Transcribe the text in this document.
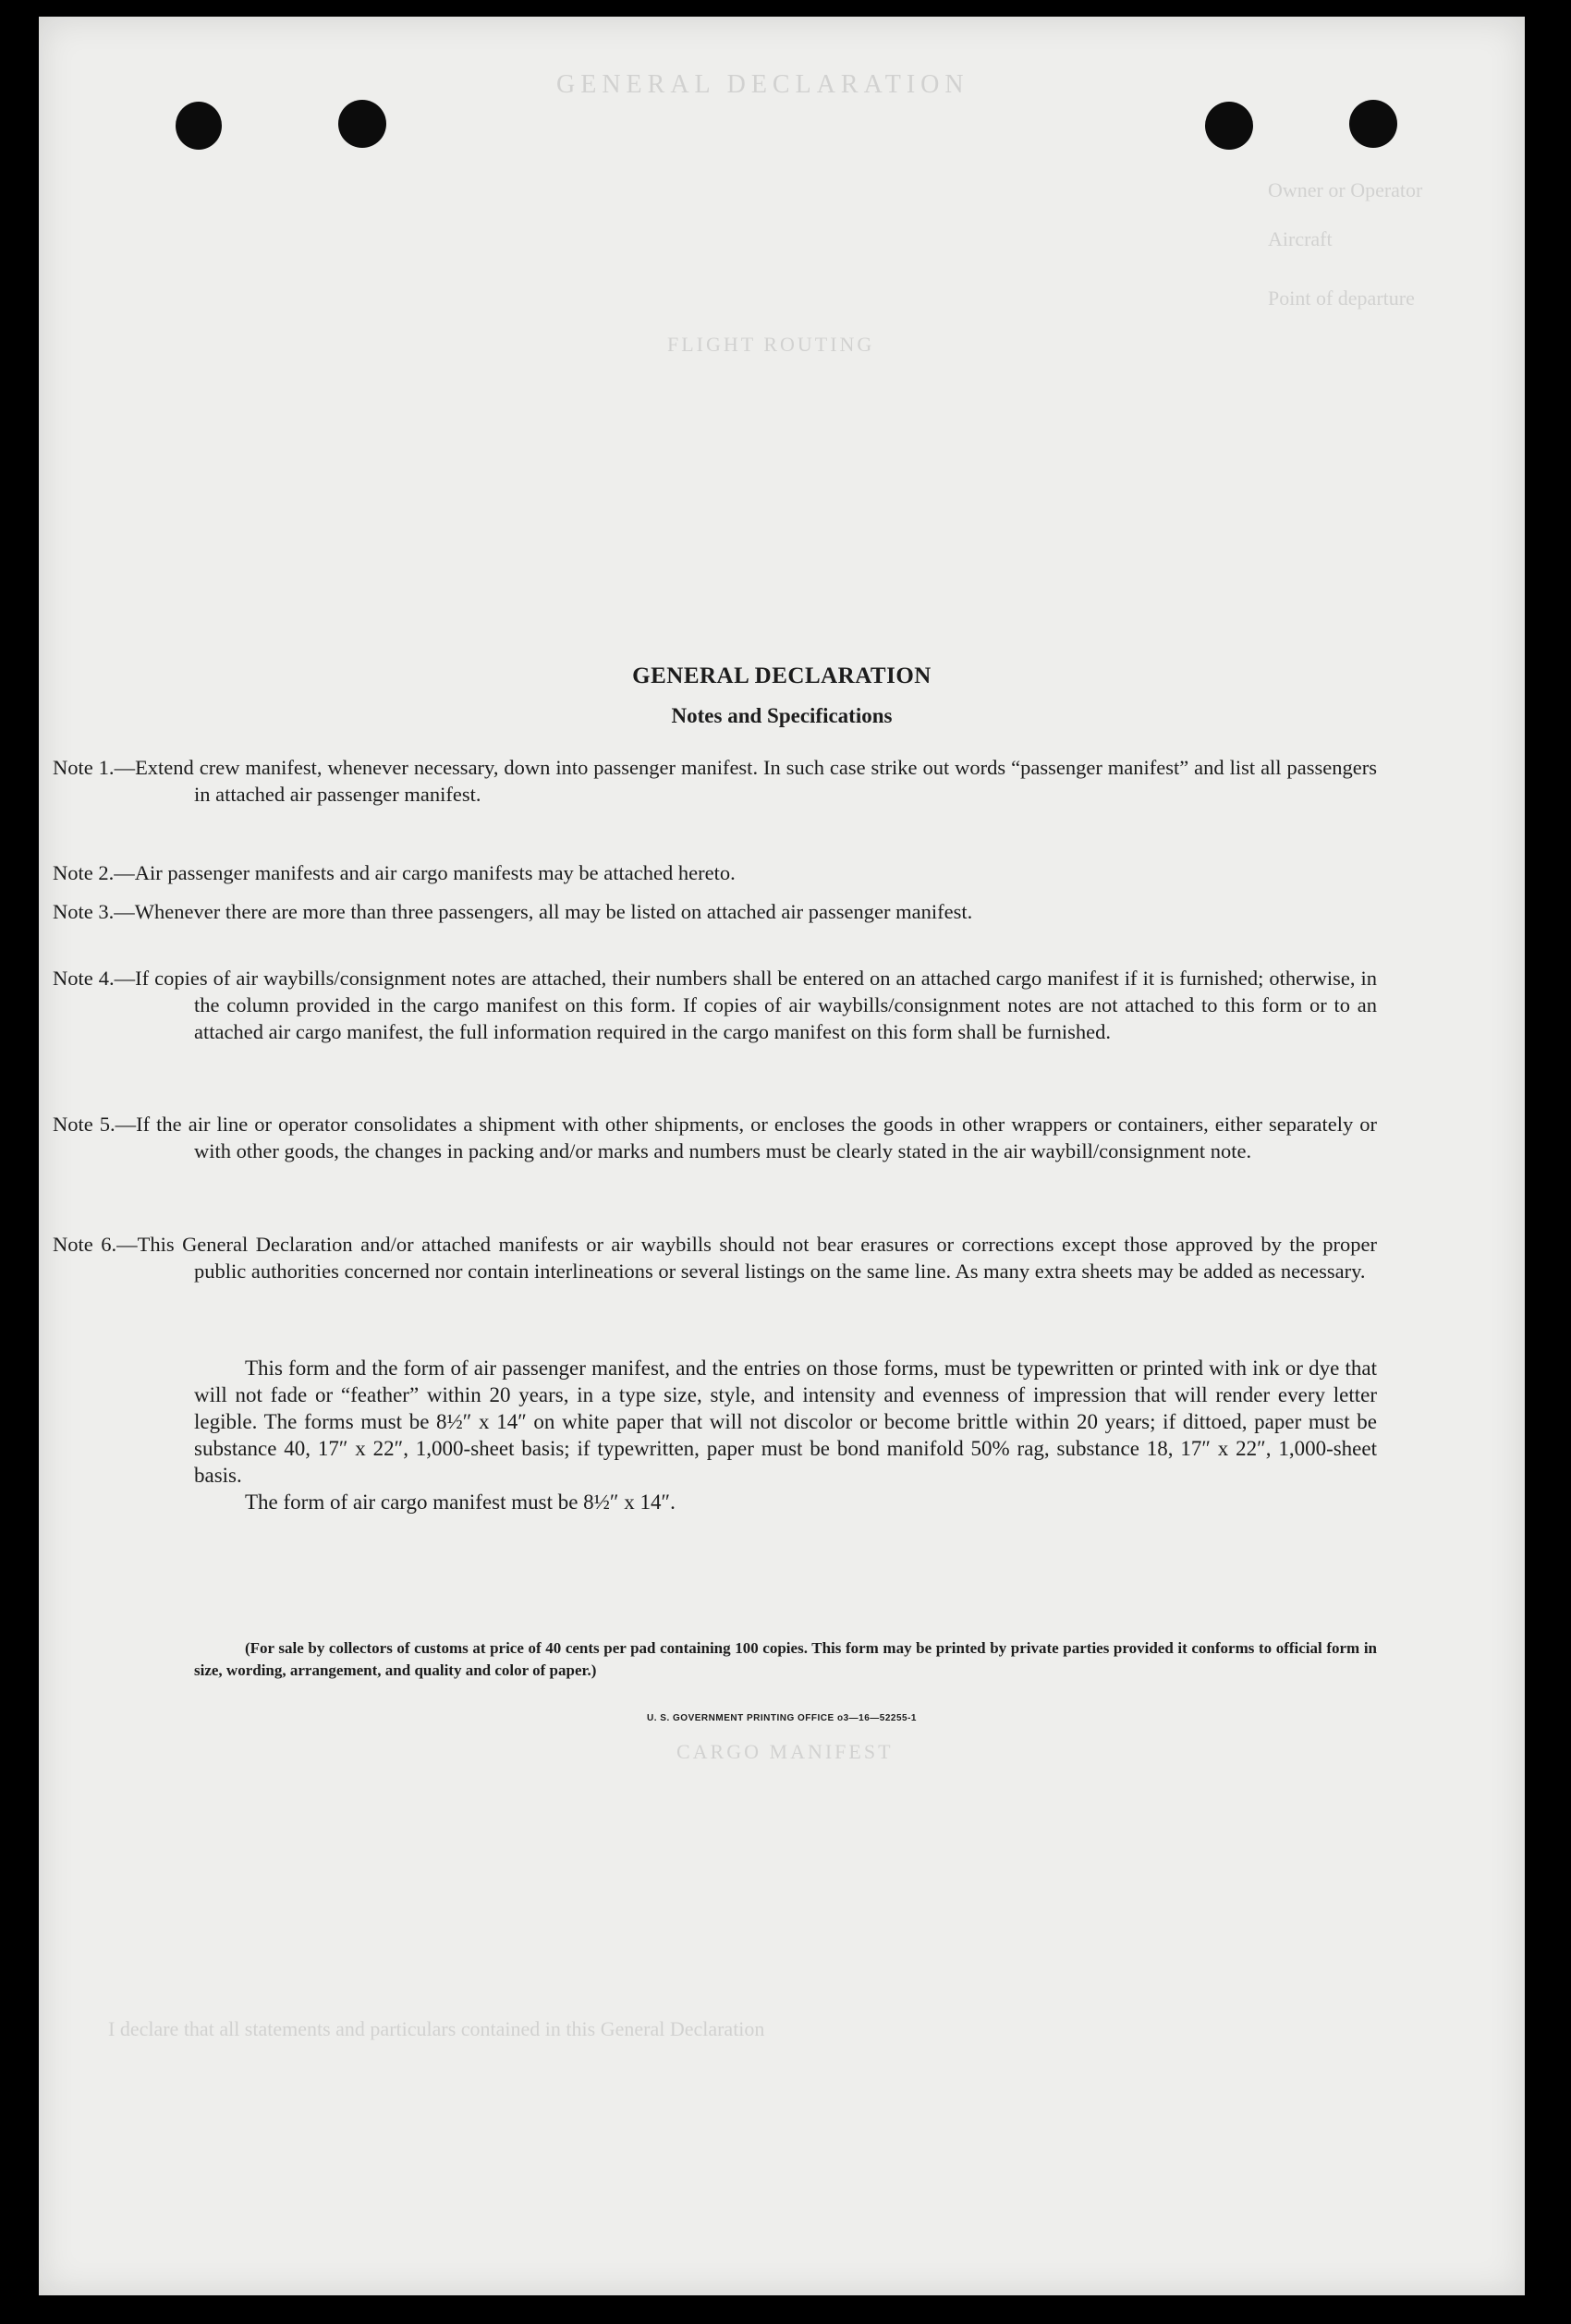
GENERAL DECLARATION
Owner or Operator
Aircraft
Point of departure
FLIGHT ROUTING
CARGO MANIFEST
I declare that all statements and particulars contained in this General Declaration
GENERAL DECLARATION
Notes and Specifications

Note 1.—Extend crew manifest, whenever necessary, down into passenger manifest. In such case strike out words “passenger manifest” and list all passengers in attached air passenger manifest.

Note 2.—Air passenger manifests and air cargo manifests may be attached hereto.

Note 3.—Whenever there are more than three passengers, all may be listed on attached air passenger manifest.

Note 4.—If copies of air waybills/consignment notes are attached, their numbers shall be entered on an attached cargo manifest if it is furnished; otherwise, in the column provided in the cargo manifest on this form. If copies of air waybills/consignment notes are not attached to this form or to an attached air cargo manifest, the full information required in the cargo manifest on this form shall be furnished.

Note 5.—If the air line or operator consolidates a shipment with other shipments, or encloses the goods in other wrappers or containers, either separately or with other goods, the changes in packing and/or marks and numbers must be clearly stated in the air waybill/consignment note.

Note 6.—This General Declaration and/or attached manifests or air waybills should not bear erasures or corrections except those approved by the proper public authorities concerned nor contain interlineations or several listings on the same line. As many extra sheets may be added as necessary.

This form and the form of air passenger manifest, and the entries on those forms, must be typewritten or printed with ink or dye that will not fade or “feather” within 20 years, in a type size, style, and intensity and evenness of impression that will render every letter legible. The forms must be 8½″ x 14″ on white paper that will not discolor or become brittle within 20 years; if dittoed, paper must be substance 40, 17″ x 22″, 1,000-sheet basis; if typewritten, paper must be bond manifold 50% rag, substance 18, 17″ x 22″, 1,000-sheet basis.

The form of air cargo manifest must be 8½″ x 14″.

(For sale by collectors of customs at price of 40 cents per pad containing 100 copies. This form may be printed by private parties provided it conforms to official form in size, wording, arrangement, and quality and color of paper.)

U. S. GOVERNMENT PRINTING OFFICE o3—16—52255-1
